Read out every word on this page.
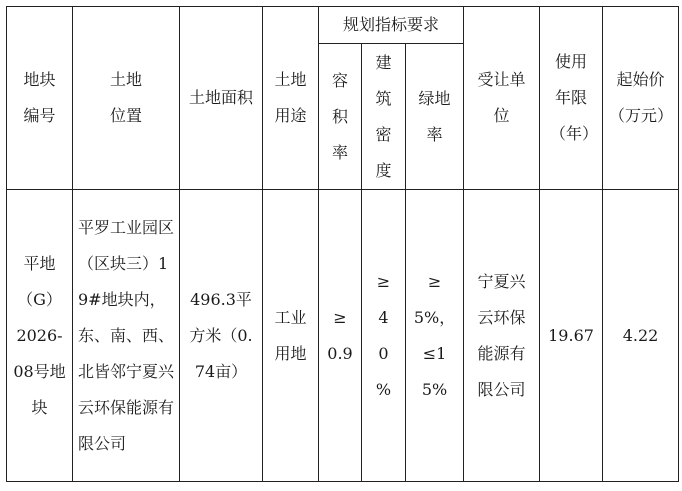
地块编号	土地位置	土地面积	土地用途	规划指标要求			受让单位	使用年限（年）	起始价（万元）

				容积率	建筑密度	绿地率			

平地（G）2026-08号地块	平罗工业园区（区块三）19#地块内，东、南、西、北皆邻宁夏兴云环保能源有限公司	496.3平方米（0.74亩）	工业用地	≥0.9	≥40%	≥5%，≤15%	宁夏兴云环保能源有限公司	19.67	4.22
